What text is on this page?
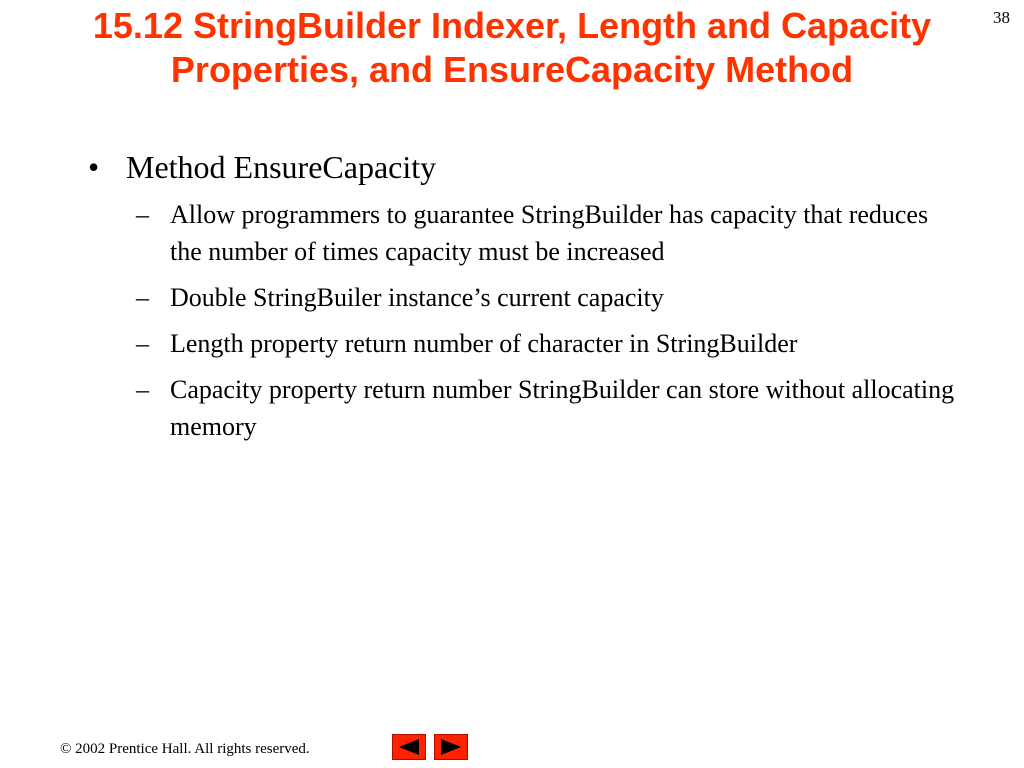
38
15.12 StringBuilder Indexer, Length and Capacity Properties, and EnsureCapacity Method
• Method EnsureCapacity
– Allow programmers to guarantee StringBuilder has capacity that reduces the number of times capacity must be increased
– Double StringBuiler instance’s current capacity
– Length property return number of character in StringBuilder
– Capacity property return number StringBuilder can store without allocating memory
© 2002 Prentice Hall. All rights reserved.
